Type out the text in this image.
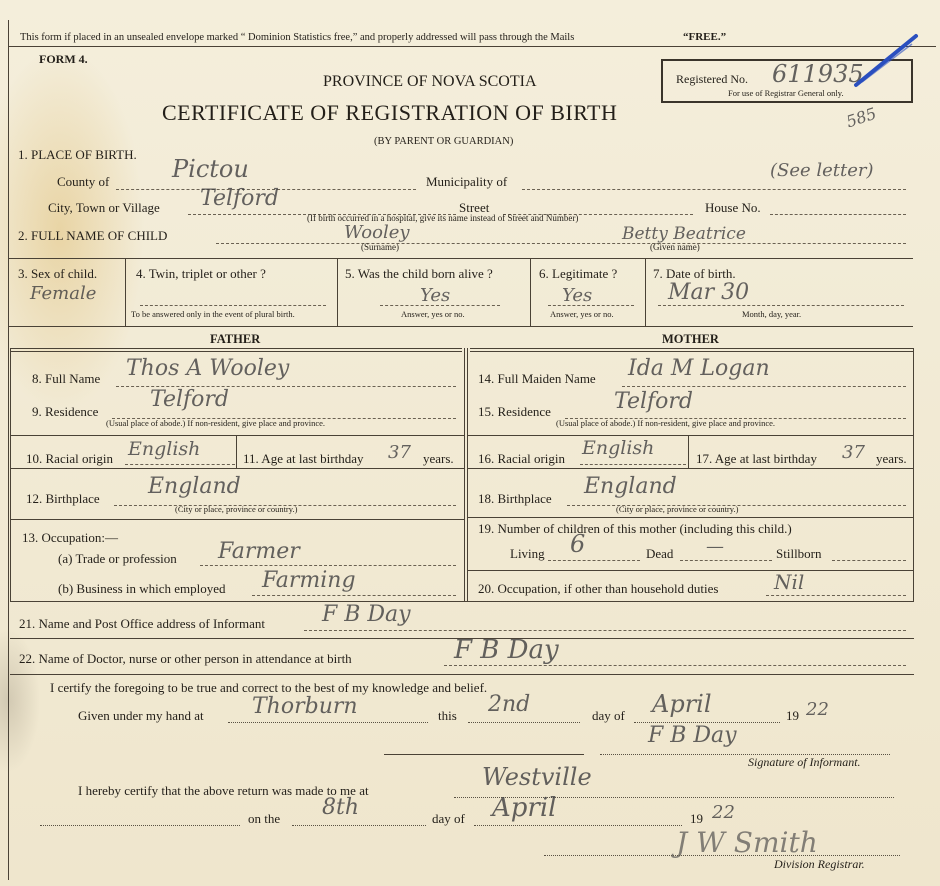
This form if placed in an unsealed envelope marked “ Dominion Statistics free,” and properly addressed will pass through the Mails	“FREE.”
FORM 4.
PROVINCE OF NOVA SCOTIA
CERTIFICATE OF REGISTRATION OF BIRTH
(BY PARENT OR GUARDIAN)
Registered No. 611935
For use of Registrar General only.
585
1. PLACE OF BIRTH.
County of	Pictou	Municipality of
(See letter)
City, Town or Village Telford	Street	House No.
(If birth occurred in a hospital, give its name instead of Street and Number)
2. FULL NAME OF CHILD	Wooley
(Surname)
Betty Beatrice
(Given name)
3. Sex of child.
Female
4. Twin, triplet or other ?
To be answered only in the event of plural birth.
5. Was the child born alive ?
Yes
Answer, yes or no.
6. Legitimate ?
Yes
Answer, yes or no.
7. Date of birth.
Mar 30
Month, day, year.
FATHER	MOTHER
8. Full Name Thos A Wooley
9. Residence Telford
(Usual place of abode.) If non-resident, give place and province.
10. Racial origin English	11. Age at last birthday 37 years.
12. Birthplace England
(City or place, province or country.)
13. Occupation:—
(a) Trade or profession Farmer
(b) Business in which employed Farming
14. Full Maiden Name Ida M Logan
15. Residence	Telford
(Usual place of abode.) If non-resident, give place and province.
16. Racial origin English	17. Age at last birthday 37 years.
18. Birthplace England
(City or place, province or country.)
19. Number of children of this mother (including this child.)
Living 6	Dead —	Stillborn
20. Occupation, if other than household duties	Nil
21. Name and Post Office address of Informant	F B Day
22. Name of Doctor, nurse or other person in attendance at birth	F B Day
I certify the foregoing to be true and correct to the best of my knowledge and belief.
Given under my hand at Thorburn	this 2nd	day of April	19 22
F B Day
Signature of Informant.
I hereby certify that the above return was made to me at	Westville
on the 8th	day of April	19 22
J W Smith
Division Registrar.
